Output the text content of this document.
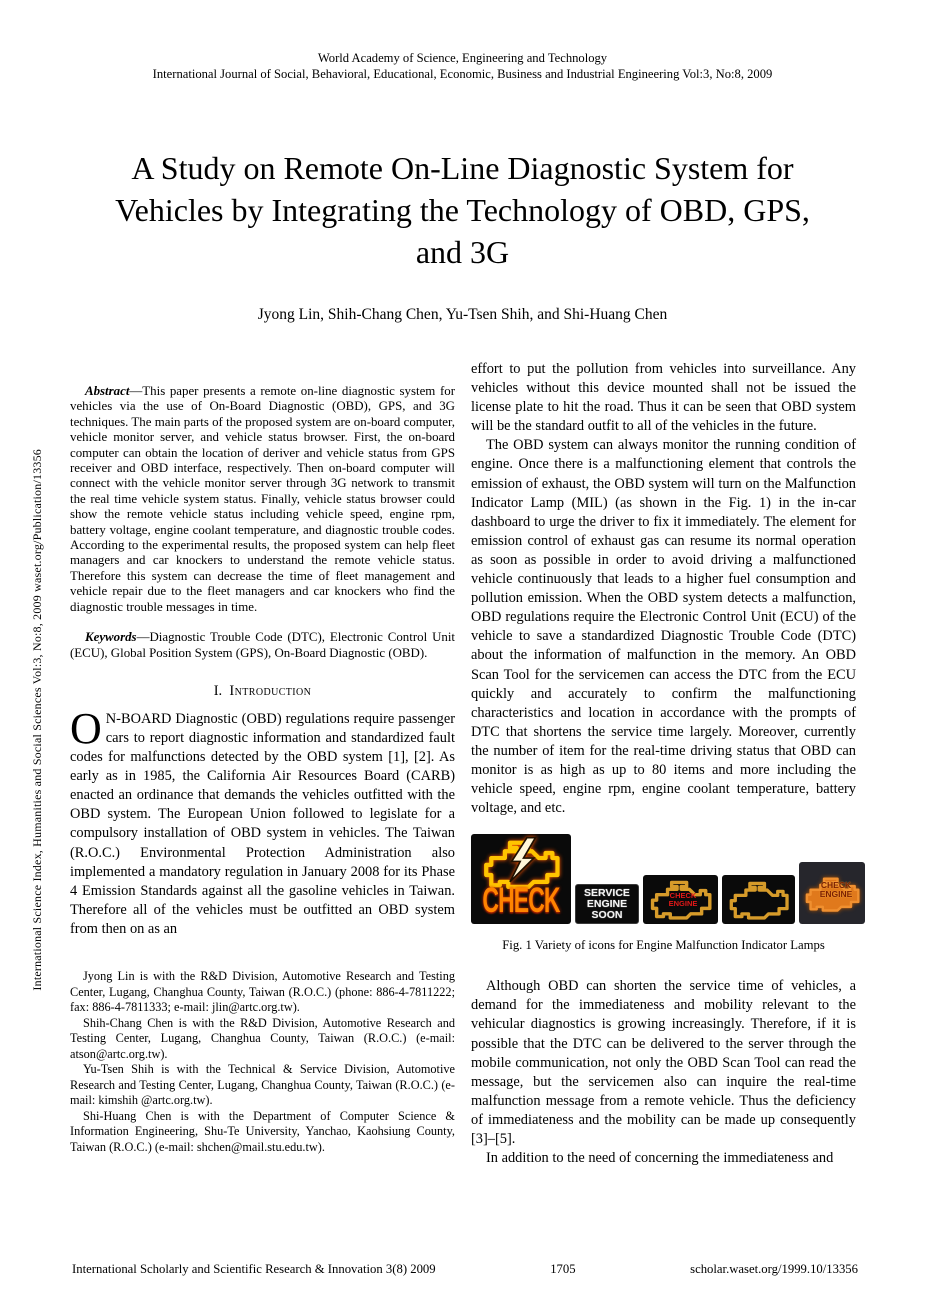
International Science Index, Humanities and Social Sciences Vol:3, No:8, 2009 waset.org/Publication/13356
World Academy of Science, Engineering and Technology
International Journal of Social, Behavioral, Educational, Economic, Business and Industrial Engineering Vol:3, No:8, 2009
A Study on Remote On-Line Diagnostic System for Vehicles by Integrating the Technology of OBD, GPS, and 3G
Jyong Lin, Shih-Chang Chen, Yu-Tsen Shih, and Shi-Huang Chen

Abstract—This paper presents a remote on-line diagnostic system for vehicles via the use of On-Board Diagnostic (OBD), GPS, and 3G techniques. The main parts of the proposed system are on-board computer, vehicle monitor server, and vehicle status browser. First, the on-board computer can obtain the location of deriver and vehicle status from GPS receiver and OBD interface, respectively. Then on-board computer will connect with the vehicle monitor server through 3G network to transmit the real time vehicle system status. Finally, vehicle status browser could show the remote vehicle status including vehicle speed, engine rpm, battery voltage, engine coolant temperature, and diagnostic trouble codes. According to the experimental results, the proposed system can help fleet managers and car knockers to understand the remote vehicle status. Therefore this system can decrease the time of fleet management and vehicle repair due to the fleet managers and car knockers who find the diagnostic trouble messages in time.

Keywords—Diagnostic Trouble Code (DTC), Electronic Control Unit (ECU), Global Position System (GPS), On-Board Diagnostic (OBD).

I. Introduction

O N-BOARD Diagnostic (OBD) regulations require passenger cars to report diagnostic information and standardized fault codes for malfunctions detected by the OBD system [1], [2]. As early as in 1985, the California Air Resources Board (CARB) enacted an ordinance that demands the vehicles outfitted with the OBD system. The European Union followed to legislate for a compulsory installation of OBD system in vehicles. The Taiwan (R.O.C.) Environmental Protection Administration also implemented a mandatory regulation in January 2008 for its Phase 4 Emission Standards against all the gasoline vehicles in Taiwan. Therefore all of the vehicles must be outfitted an OBD system from then on as an

Jyong Lin is with the R&D Division, Automotive Research and Testing Center, Lugang, Changhua County, Taiwan (R.O.C.) (phone: 886-4-7811222; fax: 886-4-7811333; e-mail: jlin@artc.org.tw).

Shih-Chang Chen is with the R&D Division, Automotive Research and Testing Center, Lugang, Changhua County, Taiwan (R.O.C.) (e-mail: atson@artc.org.tw).

Yu-Tsen Shih is with the Technical & Service Division, Automotive Research and Testing Center, Lugang, Changhua County, Taiwan (R.O.C.) (e-mail: kimshih @artc.org.tw).

Shi-Huang Chen is with the Department of Computer Science & Information Engineering, Shu-Te University, Yanchao, Kaohsiung County, Taiwan (R.O.C.) (e-mail: shchen@mail.stu.edu.tw).

effort to put the pollution from vehicles into surveillance. Any vehicles without this device mounted shall not be issued the license plate to hit the road. Thus it can be seen that OBD system will be the standard outfit to all of the vehicles in the future.

The OBD system can always monitor the running condition of engine. Once there is a malfunctioning element that controls the emission of exhaust, the OBD system will turn on the Malfunction Indicator Lamp (MIL) (as shown in the Fig. 1) in the in-car dashboard to urge the driver to fix it immediately. The element for emission control of exhaust gas can resume its normal operation as soon as possible in order to avoid driving a malfunctioned vehicle continuously that leads to a higher fuel consumption and pollution emission. When the OBD system detects a malfunction, OBD regulations require the Electronic Control Unit (ECU) of the vehicle to save a standardized Diagnostic Trouble Code (DTC) about the information of malfunction in the memory. An OBD Scan Tool for the servicemen can access the DTC from the ECU quickly and accurately to confirm the malfunctioning characteristics and location in accordance with the prompts of DTC that shortens the service time largely. Moreover, currently the number of item for the real-time driving status that OBD can monitor is as high as up to 80 items and more including the vehicle speed, engine rpm, engine coolant temperature, battery voltage, and etc.

CHECK	SERVICE ENGINE SOON
CHECK ENGINE
CHECK ENGINE
Fig. 1 Variety of icons for Engine Malfunction Indicator Lamps

Although OBD can shorten the service time of vehicles, a demand for the immediateness and mobility relevant to the vehicular diagnostics is growing increasingly. Therefore, if it is possible that the DTC can be delivered to the server through the mobile communication, not only the OBD Scan Tool can read the message, but the servicemen also can inquire the real-time malfunction message from a remote vehicle. Thus the deficiency of immediateness and the mobility can be made up consequently [3]–[5].

In addition to the need of concerning the immediateness and

International Scholarly and Scientific Research & Innovation 3(8) 2009	1705	scholar.waset.org/1999.10/13356
